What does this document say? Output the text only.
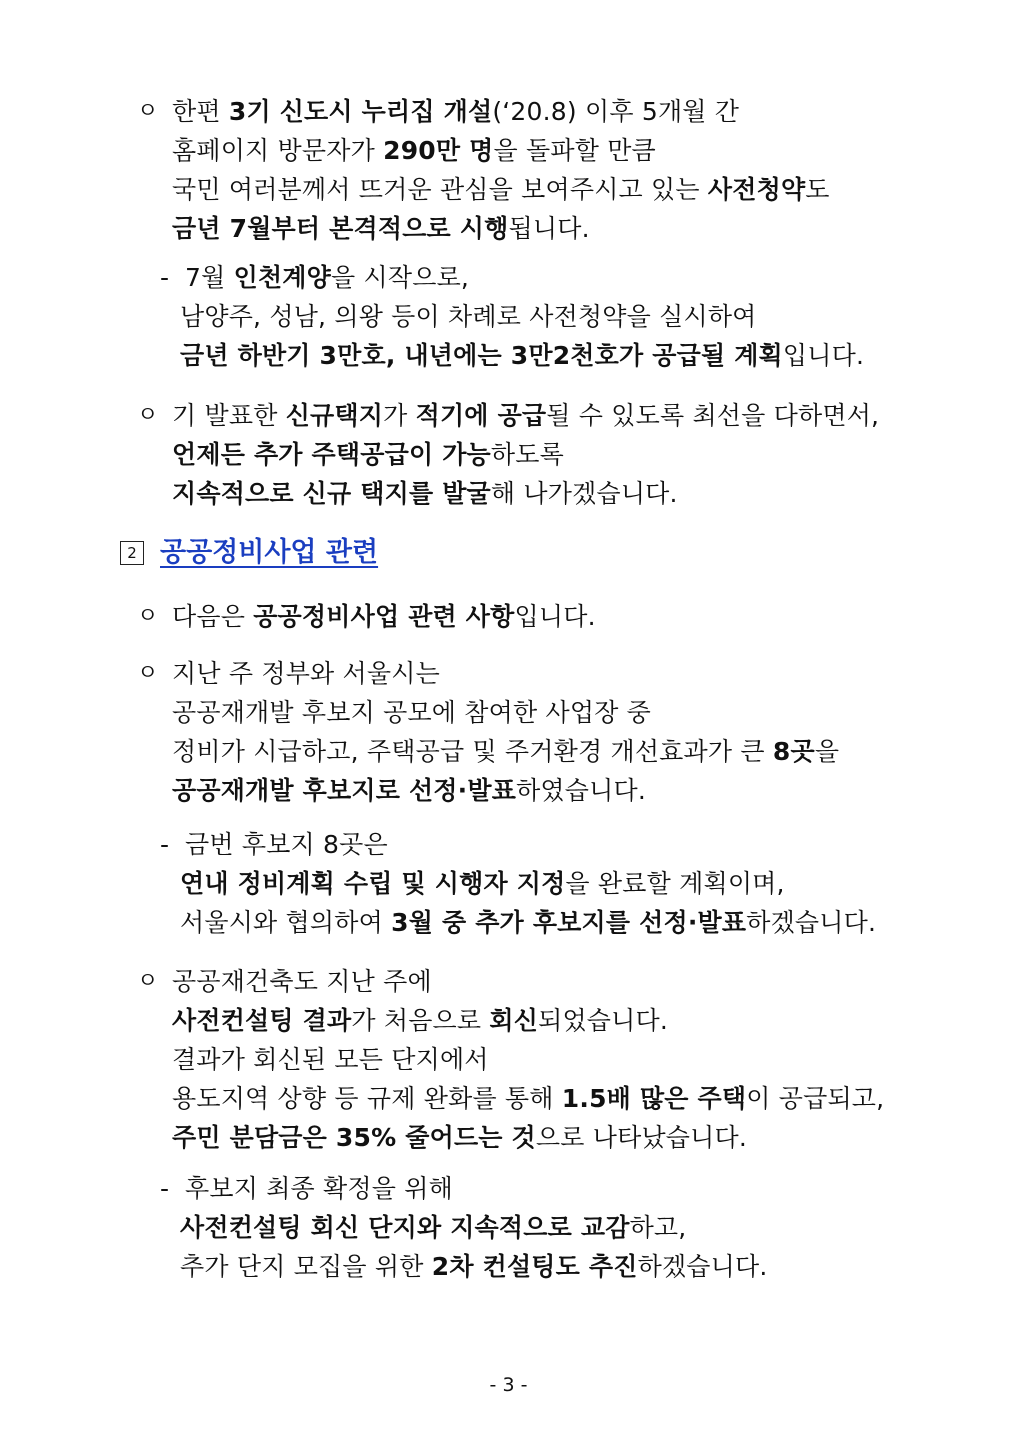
ㅇ 한편 3기 신도시 누리집 개설(‘20.8) 이후 5개월 간
홈페이지 방문자가 290만 명을 돌파할 만큼
국민 여러분께서 뜨거운 관심을 보여주시고 있는 사전청약도
금년 7월부터 본격적으로 시행됩니다.
- 7월 인천계양을 시작으로,
남양주, 성남, 의왕 등이 차례로 사전청약을 실시하여
금년 하반기 3만호, 내년에는 3만2천호가 공급될 계획입니다.
ㅇ 기 발표한 신규택지가 적기에 공급될 수 있도록 최선을 다하면서,
언제든 추가 주택공급이 가능하도록
지속적으로 신규 택지를 발굴해 나가겠습니다.
2 공공정비사업 관련
ㅇ 다음은 공공정비사업 관련 사항입니다.
ㅇ 지난 주 정부와 서울시는
공공재개발 후보지 공모에 참여한 사업장 중
정비가 시급하고, 주택공급 및 주거환경 개선효과가 큰 8곳을
공공재개발 후보지로 선정·발표하였습니다.
- 금번 후보지 8곳은
연내 정비계획 수립 및 시행자 지정을 완료할 계획이며,
서울시와 협의하여 3월 중 추가 후보지를 선정·발표하겠습니다.
ㅇ 공공재건축도 지난 주에
사전컨설팅 결과가 처음으로 회신되었습니다.
결과가 회신된 모든 단지에서
용도지역 상향 등 규제 완화를 통해 1.5배 많은 주택이 공급되고,
주민 분담금은 35% 줄어드는 것으로 나타났습니다.
- 후보지 최종 확정을 위해
사전컨설팅 회신 단지와 지속적으로 교감하고,
추가 단지 모집을 위한 2차 컨설팅도 추진하겠습니다.
- 3 -
